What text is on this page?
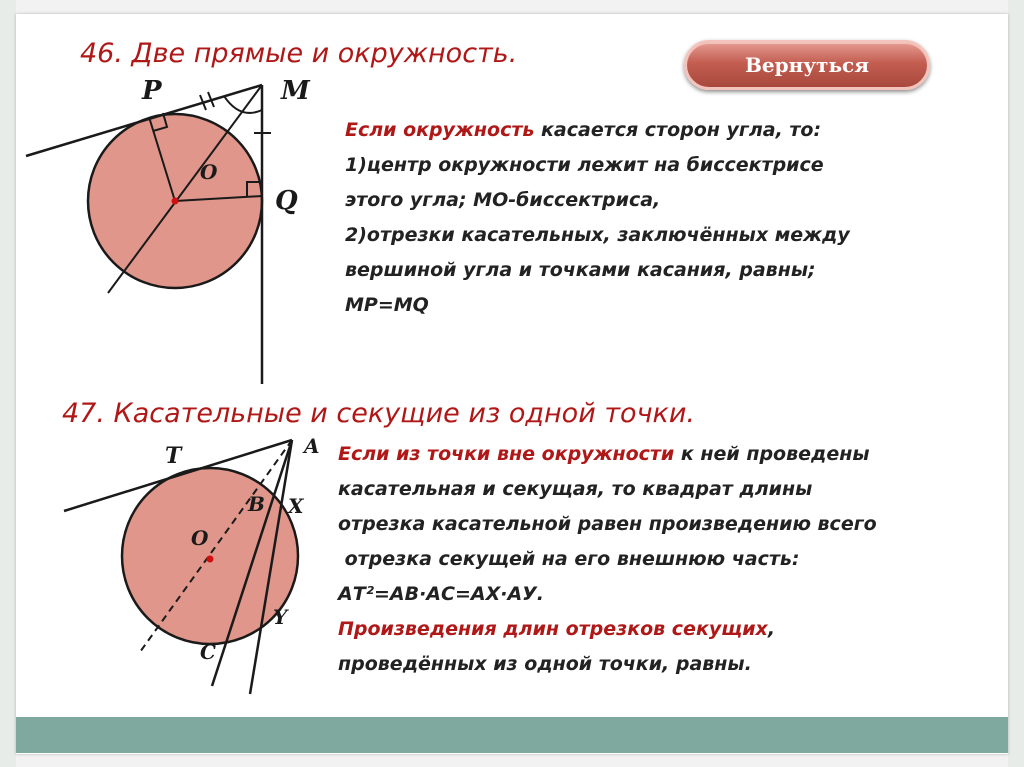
46. Две прямые и окружность.	Вернуться
P	M
O
Q
Если окружность касается сторон угла, то:
1)центр окружности лежит на биссектрисе
этого угла; МО-биссектриса,
2)отрезки касательных, заключённых между
вершиной угла и точками касания, равны;
MP=MQ
47. Касательные и секущие из одной точки.
T	A
B X
O
Y
C
Если из точки вне окружности к ней проведены
касательная и секущая, то квадрат длины
отрезка касательной равен произведению всего
отрезка секущей на его внешнюю часть:
АТ²=АВ·АС=АХ·АУ.
Произведения длин отрезков секущих,
проведённых из одной точки, равны.
